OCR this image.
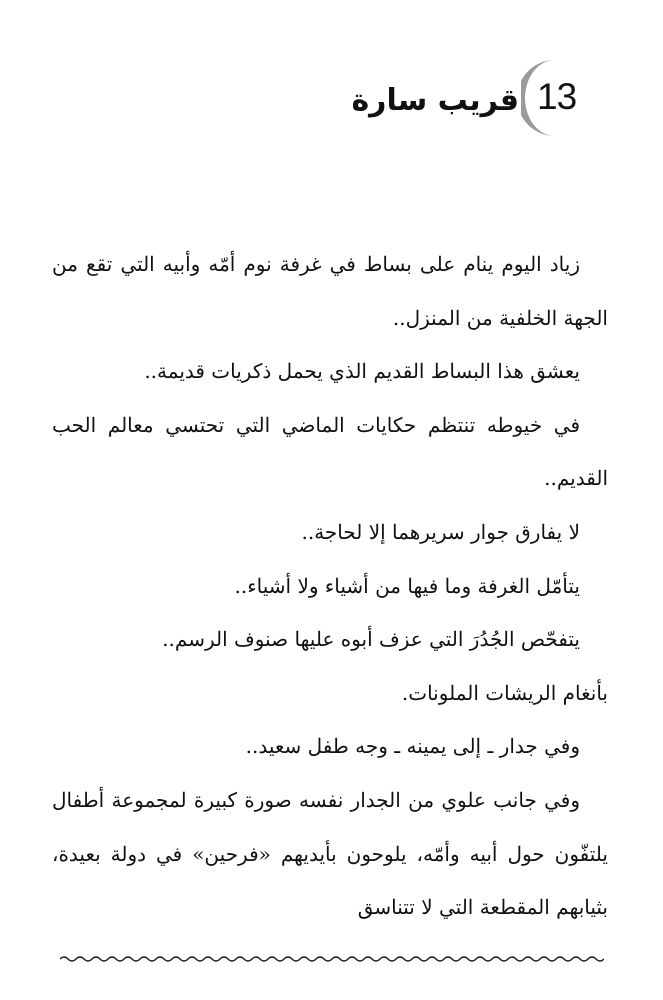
13
قريب سارة

زياد اليوم ينام على بساط في غرفة نوم أمّه وأبيه التي تقع من الجهة الخلفية من المنزل..

يعشق هذا البساط القديم الذي يحمل ذكريات قديمة..

في خيوطه تنتظم حكايات الماضي التي تحتسي معالم الحب القديم..

لا يفارق جوار سريرهما إلا لحاجة..

يتأمّل الغرفة وما فيها من أشياء ولا أشياء..

يتفحّص الجُدُرَ التي عزف أبوه عليها صنوف الرسم..

بأنغام الريشات الملونات.

وفي جدار ـ إلى يمينه ـ وجه طفل سعيد..

وفي جانب علوي من الجدار نفسه صورة كبيرة لمجموعة أطفال يلتفّون حول أبيه وأمّه، يلوحون بأيديهم «فرحين» في دولة بعيدة، بثيابهم المقطعة التي لا تتناسق
